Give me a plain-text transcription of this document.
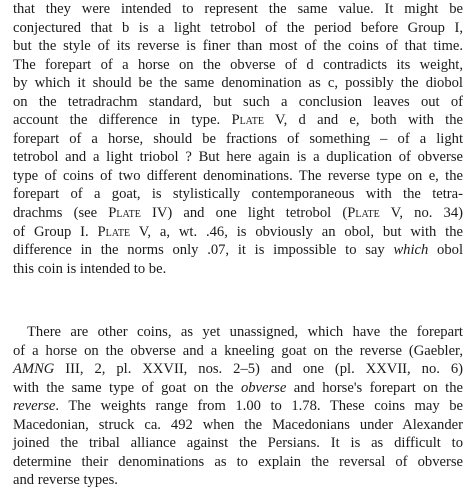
that they were intended to represent the same value. It might be
conjectured that b is a light tetrobol of the period before Group I,
but the style of its reverse is finer than most of the coins of that time.
The forepart of a horse on the obverse of d contradicts its weight,
by which it should be the same denomination as c, possibly the diobol
on the tetradrachm standard, but such a conclusion leaves out of
account the difference in type. Plate V, d and e, both with the
forepart of a horse, should be fractions of something – of a light
tetrobol and a light triobol ? But here again is a duplication of obverse
type of coins of two different denominations. The reverse type on e, the
forepart of a goat, is stylistically contemporaneous with the tetra-
drachms (see Plate IV) and one light tetrobol (Plate V, no. 34)
of Group I. Plate V, a, wt. .46, is obviously an obol, but with the
difference in the norms only .07, it is impossible to say which obol
this coin is intended to be.
There are other coins, as yet unassigned, which have the forepart
of a horse on the obverse and a kneeling goat on the reverse (Gaebler,
AMNG III, 2, pl. XXVII, nos. 2–5) and one (pl. XXVII, no. 6)
with the same type of goat on the obverse and horse's forepart on the
reverse. The weights range from 1.00 to 1.78. These coins may be
Macedonian, struck ca. 492 when the Macedonians under Alexander
joined the tribal alliance against the Persians. It is as difficult to
determine their denominations as to explain the reversal of obverse
and reverse types.
